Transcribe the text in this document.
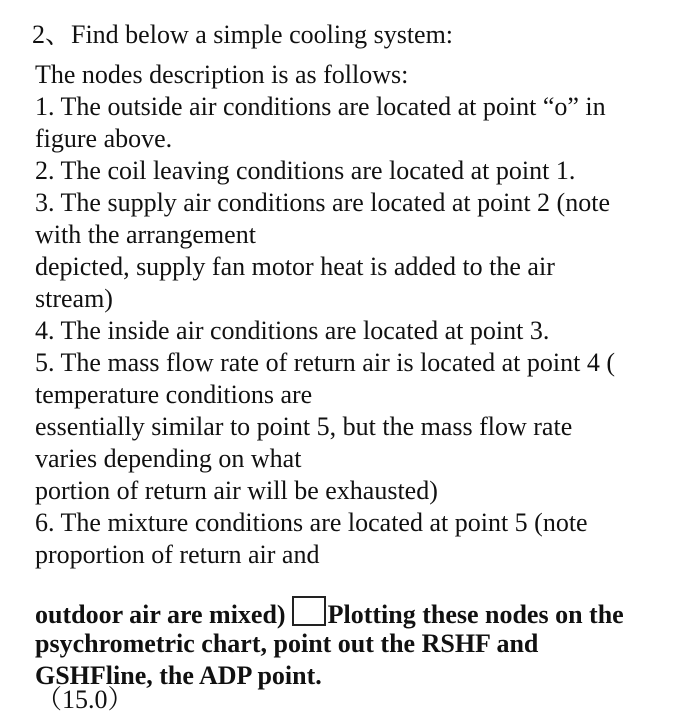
2、Find below a simple cooling system:
The nodes description is as follows:
1. The outside air conditions are located at point “o” in
figure above.
2. The coil leaving conditions are located at point 1.
3. The supply air conditions are located at point 2 (note
with the arrangement
depicted, supply fan motor heat is added to the air
stream)
4. The inside air conditions are located at point 3.
5. The mass flow rate of return air is located at point 4 (
temperature conditions are
essentially similar to point 5, but the mass flow rate
varies depending on what
portion of return air will be exhausted)
6. The mixture conditions are located at point 5 (note
proportion of return air and
outdoor air are mixed) Plotting these nodes on the
psychrometric chart, point out the RSHF and
GSHFline, the ADP point.
（15.0）
